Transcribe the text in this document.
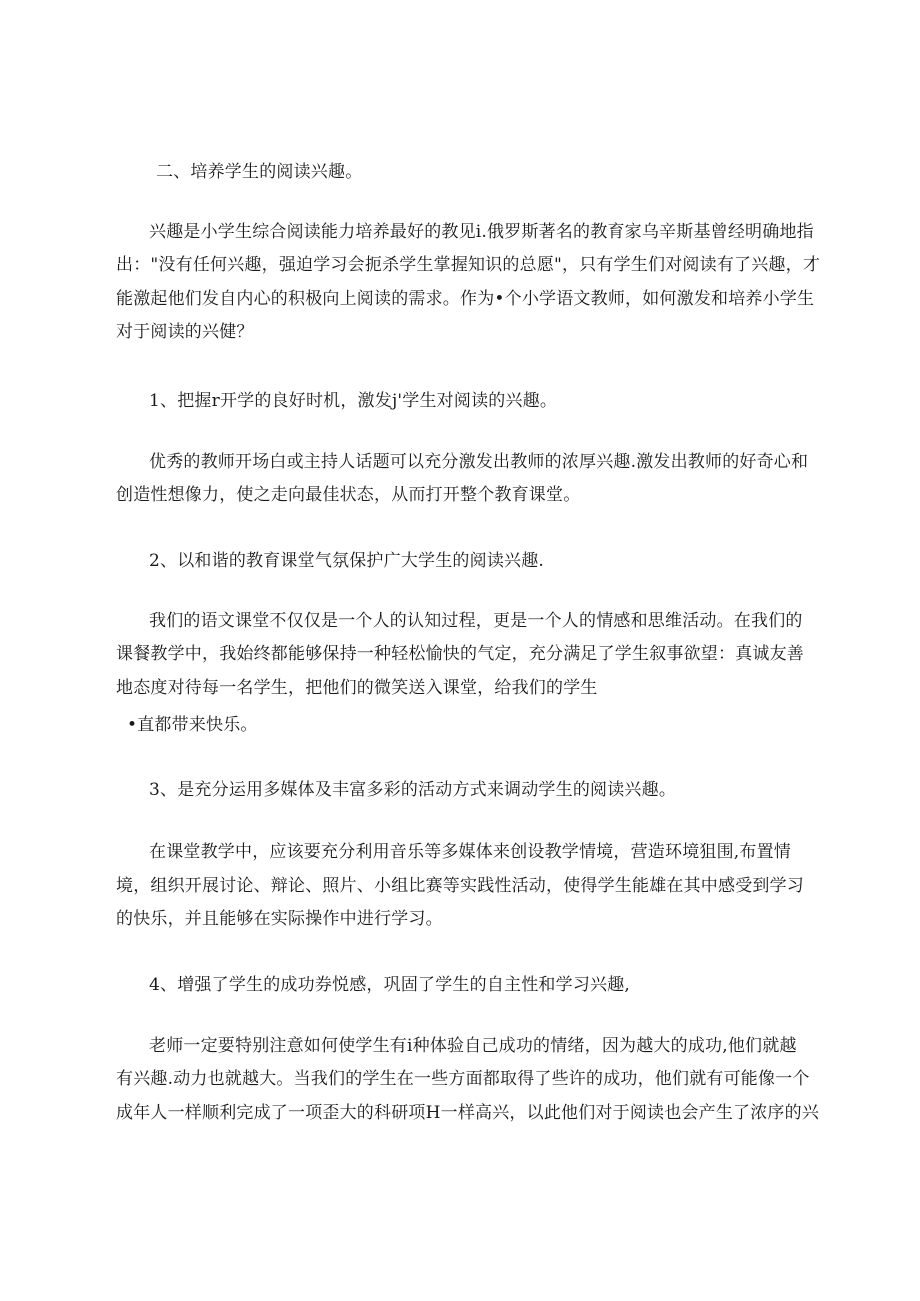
二、培养学生的阅读兴趣。
兴趣是小学生综合阅读能力培养最好的教见i.俄罗斯著名的教育家乌辛斯基曾经明确地指
出："没有任何兴趣，强迫学习会扼杀学生掌握知识的总愿"，只有学生们对阅读有了兴趣，才
能激起他们发自内心的积极向上阅读的需求。作为•个小学语文教师，如何激发和培养小学生
对于阅读的兴健？
1、把握r开学的良好时机，激发j'学生对阅读的兴趣。
优秀的教师开场白或主持人话题可以充分激发出教师的浓厚兴趣.激发出教师的好奇心和
创造性想像力，使之走向最佳状态，从而打开整个教育课堂。
2、以和谐的教育课堂气氛保护广大学生的阅读兴趣.
我们的语文课堂不仅仅是一个人的认知过程，更是一个人的情感和思维活动。在我们的
课餐教学中，我始终都能够保持一种轻松愉快的气定，充分满足了学生叙事欲望：真诚友善
地态度对待每一名学生，把他们的微笑送入课堂，给我们的学生
•直都带来快乐。
3、是充分运用多媒体及丰富多彩的活动方式来调动学生的阅读兴趣。
在课堂教学中，应该要充分利用音乐等多媒体来创设教学情境，营造环境狙围,布置情
境，组织开展讨论、辩论、照片、小组比赛等实践性活动，使得学生能雄在其中感受到学习
的快乐，并且能够在实际操作中进行学习。
4、增强了学生的成功券悦感，巩固了学生的自主性和学习兴趣,
老师一定要特别注意如何使学生有i种体验自己成功的情绪，因为越大的成功,他们就越
有兴趣.动力也就越大。当我们的学生在一些方面都取得了些许的成功，他们就有可能像一个
成年人一样顺利完成了一项歪大的科研项H一样高兴，以此他们对于阅读也会产生了浓序的兴
